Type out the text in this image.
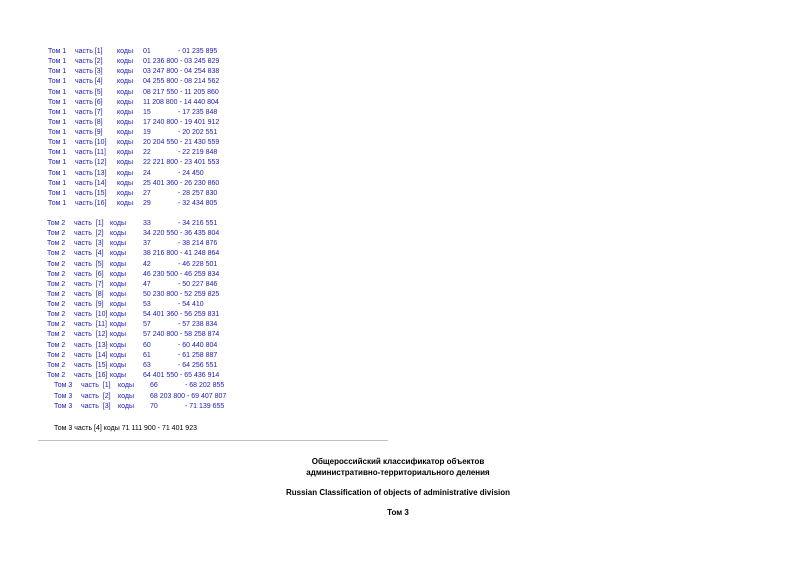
Том 1 часть [1] коды 01              - 01 235 895
Том 1 часть [2] коды 01 236 800 - 03 245 829
Том 1 часть [3] коды 03 247 800 - 04 254 838
Том 1 часть [4] коды 04 255 800 - 08 214 562
Том 1 часть [5] коды 08 217 550 - 11 205 860
Том 1 часть [6] коды 11 208 800 - 14 440 804
Том 1 часть [7] коды 15              - 17 235 848
Том 1 часть [8] коды 17 240 800 - 19 401 912
Том 1 часть [9] коды 19              - 20 202 551
Том 1 часть [10] коды 20 204 550 - 21 430 559
Том 1 часть [11] коды 22              - 22 219 848
Том 1 часть [12] коды 22 221 800 - 23 401 553
Том 1 часть [13] коды 24              - 24 450
Том 1 часть [14] коды 25 401 360 - 26 230 860
Том 1 часть [15] коды 27              - 28 257 830
Том 1 часть [16] коды 29              - 32 434 805
Том 2 часть  [1] коды 33              - 34 216 551
Том 2 часть  [2] коды 34 220 550 - 36 435 804
Том 2 часть  [3] коды 37              - 38 214 876
Том 2 часть  [4] коды 38 216 800 - 41 248 864
Том 2 часть  [5] коды 42              - 46 228 501
Том 2 часть  [6] коды 46 230 500 - 46 259 834
Том 2 часть  [7] коды 47              - 50 227 846
Том 2 часть  [8] коды 50 230 800 - 52 259 825
Том 2 часть  [9] коды 53              - 54 410
Том 2 часть  [10] коды 54 401 360 - 56 259 831
Том 2 часть  [11] коды 57              - 57 238 834
Том 2 часть  [12] коды 57 240 800 - 58 258 874
Том 2 часть  [13] коды 60              - 60 440 804
Том 2 часть  [14] коды 61              - 61 258 887
Том 2 часть  [15] коды 63              - 64 256 551
Том 2 часть  [16] коды 64 401 550 - 65 436 914
Том 3 часть  [1] коды 66              - 68 202 855
Том 3 часть  [2] коды 68 203 800 - 69 407 807
Том 3 часть  [3] коды 70              - 71 139 655
Том 3 часть [4] коды 71 111 900 - 71 401 923
Общероссийский классификатор объектов
административно-территориального деления
Russian Classification of objects of administrative division
Том 3
